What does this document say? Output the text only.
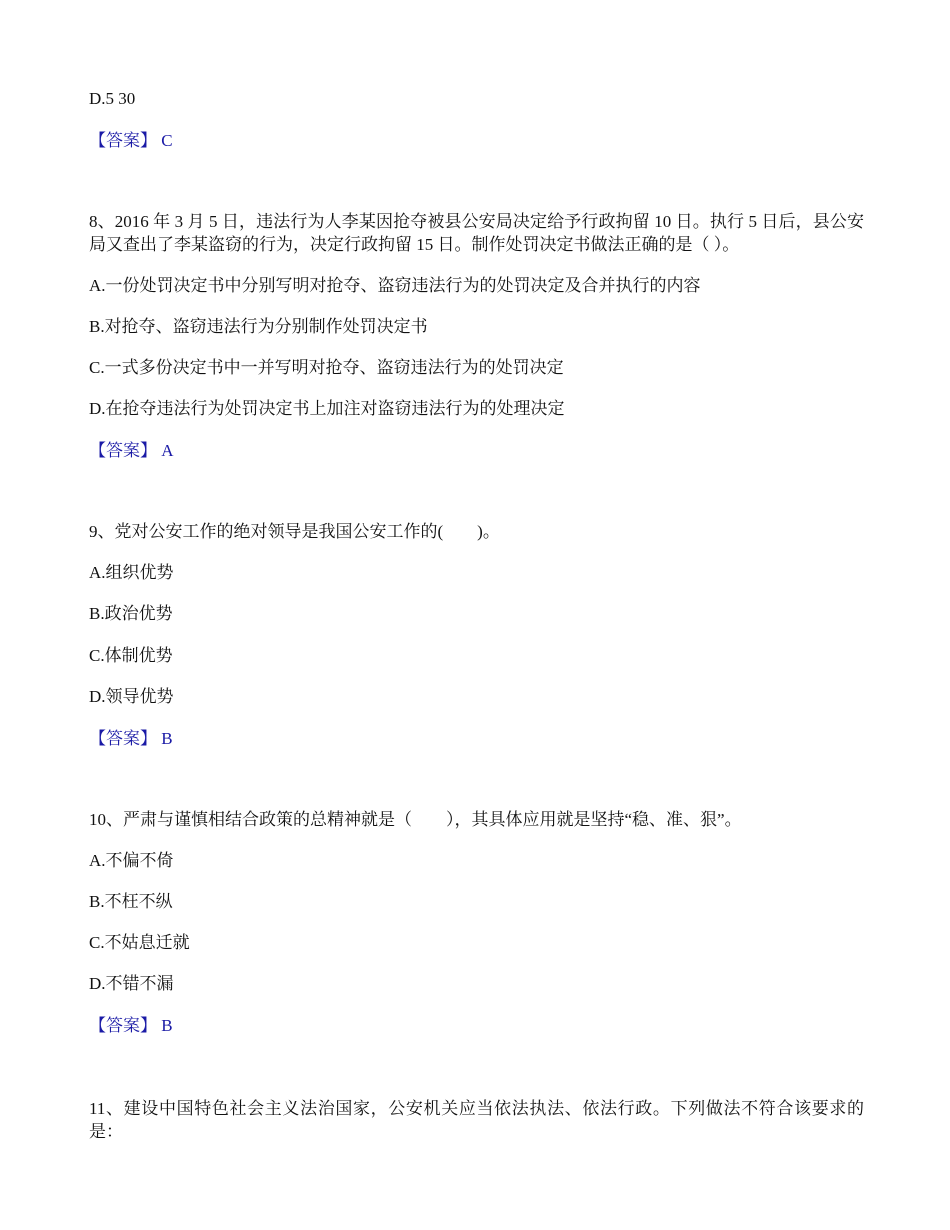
D.5 30
【答案】 C
8、2016 年 3 月 5 日，违法行为人李某因抢夺被县公安局决定给予行政拘留 10 日。执行 5 日后，县公安局又查出了李某盗窃的行为，决定行政拘留 15 日。制作处罚决定书做法正确的是（ ）。
A.一份处罚决定书中分别写明对抢夺、盗窃违法行为的处罚决定及合并执行的内容
B.对抢夺、盗窃违法行为分别制作处罚决定书
C.一式多份决定书中一并写明对抢夺、盗窃违法行为的处罚决定
D.在抢夺违法行为处罚决定书上加注对盗窃违法行为的处理决定
【答案】 A
9、党对公安工作的绝对领导是我国公安工作的(　　)。
A.组织优势
B.政治优势
C.体制优势
D.领导优势
【答案】 B
10、严肃与谨慎相结合政策的总精神就是（　　），其具体应用就是坚持“稳、准、狠”。
A.不偏不倚
B.不枉不纵
C.不姑息迁就
D.不错不漏
【答案】 B
11、建设中国特色社会主义法治国家，公安机关应当依法执法、依法行政。下列做法不符合该要求的是：
